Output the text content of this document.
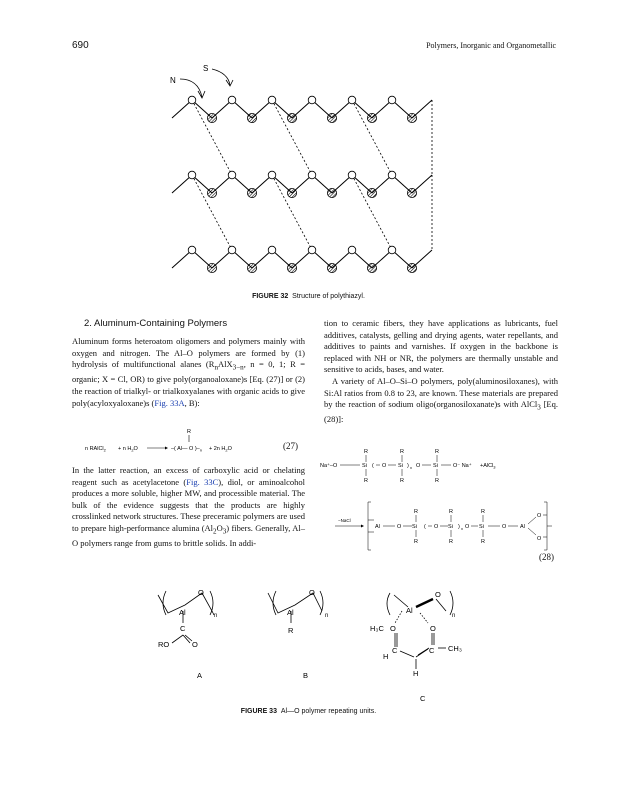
690	Polymers, Inorganic and Organometallic
N
S
FIGURE 32 Structure of polythiazyl.
2. Aluminum-Containing Polymers

Aluminum forms heteroatom oligomers and polymers mainly with oxygen and nitrogen. The Al–O polymers are formed by (1) hydrolysis of multifunctional alanes ($R_nAlX_{3-n}$, n = 0, 1; R = organic; X = Cl, OR) to give poly(organoaloxane)s [Eq. (27)] or (2) the reaction of trialkyl- or trialkoxyalanes with organic acids to give poly(acyloxyaloxane)s (Fig. 33A, B):

R
n RAlCl$_2$ + n $H_2O$	–( Al— O )$-_n + 2n$ $H_2O$	(27)

In the latter reaction, an excess of carboxylic acid or chelating reagent such as acetylacetone (Fig. 33C), diol, or aminoalcohol produces a more soluble, higher MW, and processible material. The bulk of the evidence suggests that the products are highly crosslinked network structures. These preceramic polymers are used to prepare high-performance alumina $(Al_2O_3)$ fibers. Generally, Al–O polymers range from gums to brittle solids. In addi-

tion to ceramic fibers, they have applications as lubricants, fuel additives, catalysts, gelling and drying agents, water repellants, and additives to paints and varnishes. If oxygen in the backbone is replaced with NH or NR, the polymers are thermally unstable and sensitive to acids, bases, and water.

A variety of Al–O–Si–O polymers, poly(aluminosiloxanes), with Si:Al ratios from 0.8 to 23, are known. These materials are prepared by the reaction of sodium oligo(organosiloxanate)s with AlCl$_3$ [Eq. (28)]:

R	R	R
Na⁺–O	Si ( O Si ) x O Si	O⁻ Na⁺ +AlCl$_3$
R	R	R
−NaCl
Al	O
R
Si
R
( O
R
Si
R
) x O
R
Si
R
O Al
O
O
(28)
Al
O
n
C
RO	O
Al
O
n
R
Al
O
n
H₃C O	O
C	C CH₃
H
H
A	B
C
FIGURE 33 Al—O polymer repeating units.
